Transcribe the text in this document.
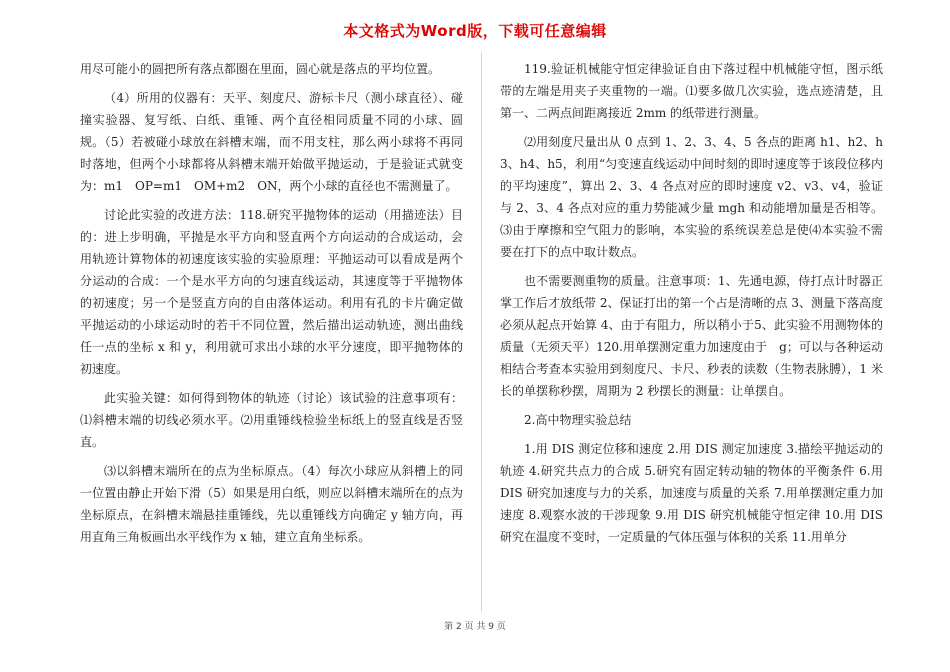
本文格式为Word版，下载可任意编辑

用尽可能小的圆把所有落点都圈在里面，圆心就是落点的平均位置。

（4）所用的仪器有：天平、刻度尺、游标卡尺（测小球直径）、碰撞实验器、复写纸、白纸、重锤、两个直径相同质量不同的小球、圆规。（5）若被碰小球放在斜槽末端，而不用支柱，那么两小球将不再同时落地，但两个小球都将从斜槽末端开始做平抛运动，于是验证式就变为：m1　OP=m1　OM+m2　ON，两个小球的直径也不需测量了。

讨论此实验的改进方法：118.研究平抛物体的运动（用描迹法）目的：进上步明确，平抛是水平方向和竖直两个方向运动的合成运动，会用轨迹计算物体的初速度该实验的实验原理：平抛运动可以看成是两个分运动的合成：一个是水平方向的匀速直线运动，其速度等于平抛物体的初速度；另一个是竖直方向的自由落体运动。利用有孔的卡片确定做平抛运动的小球运动时的若干不同位置，然后描出运动轨迹，测出曲线任一点的坐标 x 和 y，利用就可求出小球的水平分速度，即平抛物体的初速度。

此实验关键：如何得到物体的轨迹（讨论）该试验的注意事项有：⑴斜槽末端的切线必须水平。⑵用重锤线检验坐标纸上的竖直线是否竖直。

⑶以斜槽末端所在的点为坐标原点。（4）每次小球应从斜槽上的同一位置由静止开始下滑（5）如果是用白纸，则应以斜槽末端所在的点为坐标原点，在斜槽末端悬挂重锤线，先以重锤线方向确定 y 轴方向，再用直角三角板画出水平线作为 x 轴，建立直角坐标系。

119.验证机械能守恒定律验证自由下落过程中机械能守恒，图示纸带的左端是用夹子夹重物的一端。⑴要多做几次实验，选点迹清楚，且第一、二两点间距离接近 2mm 的纸带进行测量。

⑵用刻度尺量出从 0 点到 1、2、3、4、5 各点的距离 h1、h2、h3、h4、h5，利用“匀变速直线运动中间时刻的即时速度等于该段位移内的平均速度”，算出 2、3、4 各点对应的即时速度 v2、v3、v4，验证与 2、3、4 各点对应的重力势能减少量 mgh 和动能增加量是否相等。⑶由于摩擦和空气阻力的影响，本实验的系统误差总是使⑷本实验不需要在打下的点中取计数点。

也不需要测重物的质量。注意事项：1、先通电源，侍打点计时器正掌工作后才放纸带 2、保证打出的第一个占是清晰的点 3、测量下落高度必须从起点开始算 4、由于有阻力，所以稍小于5、此实验不用测物体的质量（无须天平）120.用单摆测定重力加速度由于　g；可以与各种运动相结合考查本实验用到刻度尺、卡尺、秒表的读数（生物表脉膊），1 米长的单摆称秒摆，周期为 2 秒摆长的测量：让单摆自。

2.高中物理实验总结

1.用 DIS 测定位移和速度 2.用 DIS 测定加速度 3.描绘平抛运动的轨迹 4.研究共点力的合成 5.研究有固定转动轴的物体的平衡条件 6.用 DIS 研究加速度与力的关系，加速度与质量的关系 7.用单摆测定重力加速度 8.观察水波的干涉现象 9.用 DIS 研究机械能守恒定律 10.用 DIS 研究在温度不变时，一定质量的气体压强与体积的关系 11.用单分

第 2 页 共 9 页
